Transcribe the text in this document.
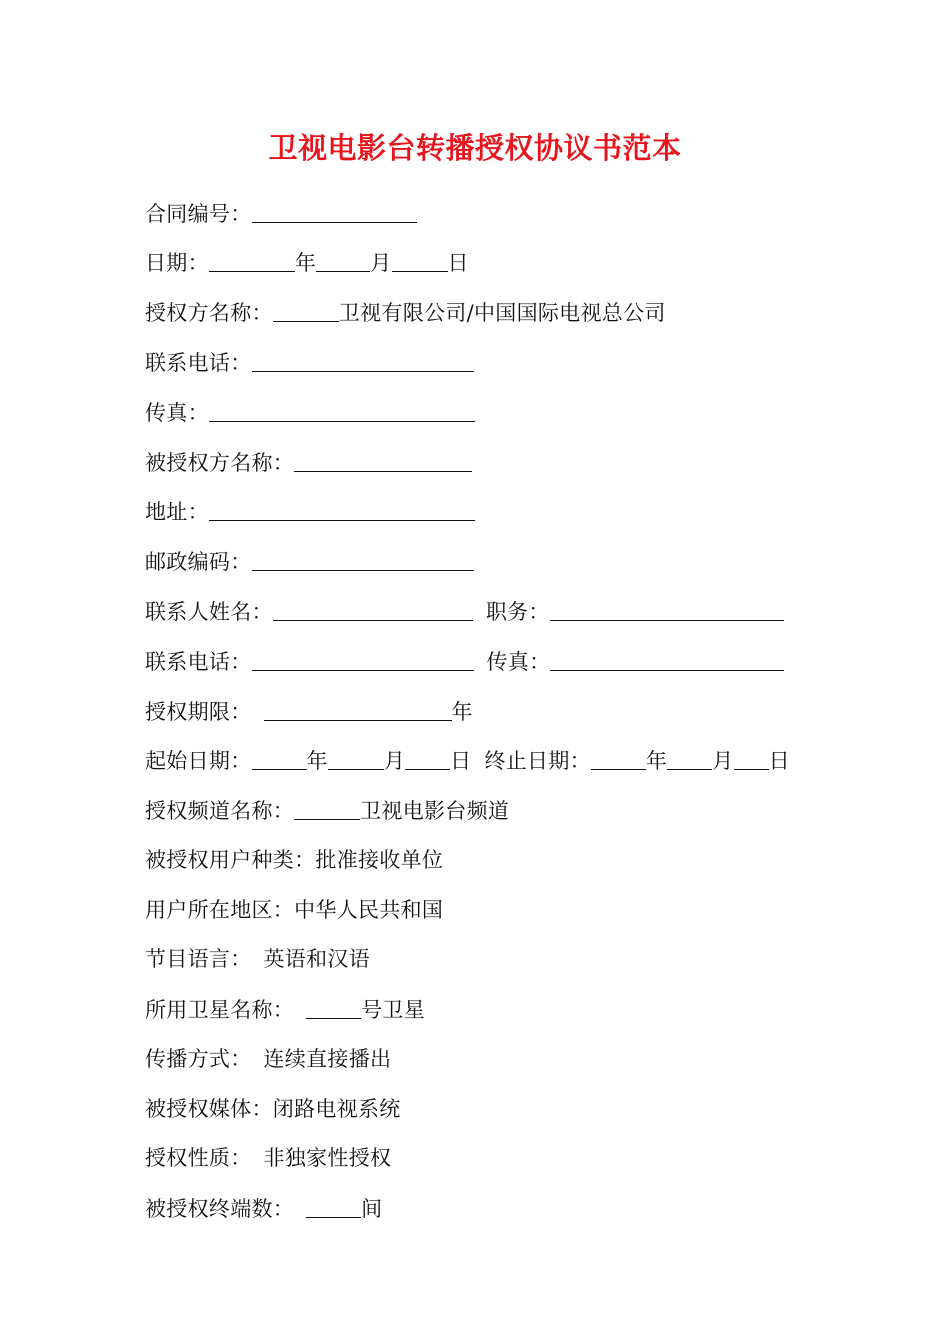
卫视电影台转播授权协议书范本
合同编号：
日期：	年	月	日
授权方名称：	卫视有限公司/中国国际电视总公司
联系电话：
传真：
被授权方名称：
地址：
邮政编码：
联系人姓名：	职务：
联系电话：	传真：
授权期限：	年
起始日期：	年	月 日 终止日期：	年 月 日
授权频道名称：	卫视电影台频道
被授权用户种类：批准接收单位
用户所在地区：中华人民共和国
节目语言： 英语和汉语
所用卫星名称：	号卫星
传播方式： 连续直接播出
被授权媒体：闭路电视系统
授权性质： 非独家性授权
被授权终端数：	间
